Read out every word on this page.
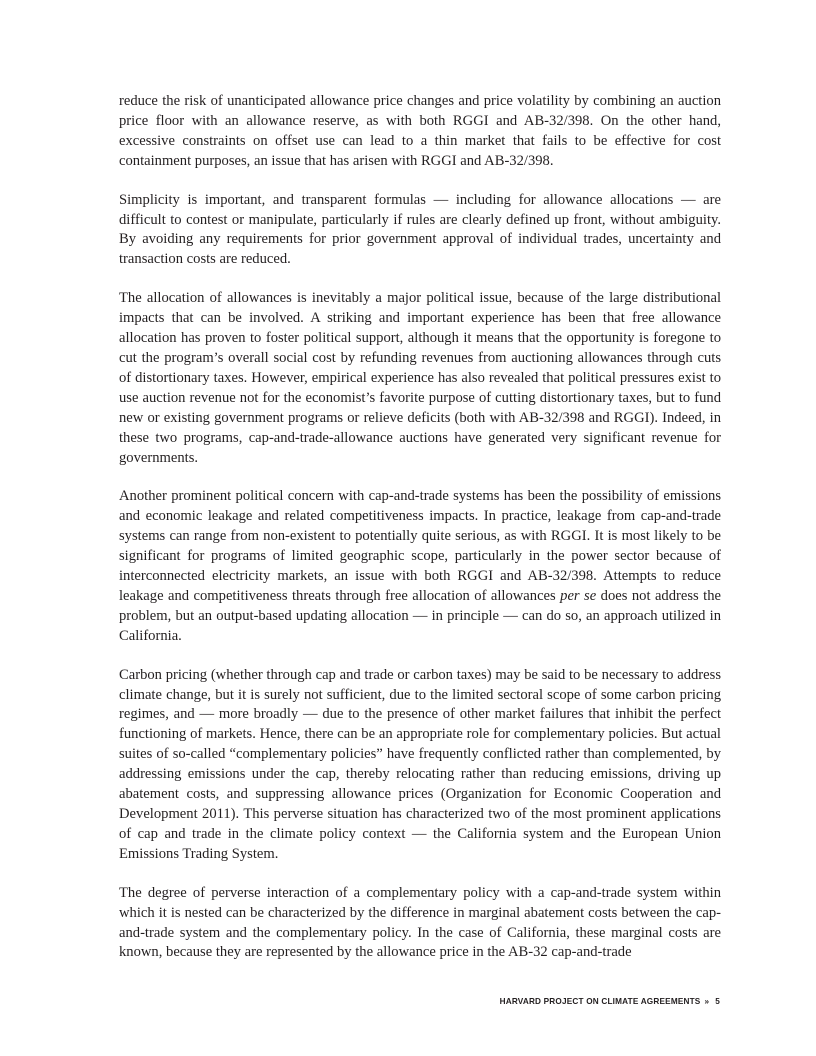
reduce the risk of unanticipated allowance price changes and price volatility by combining an auction price floor with an allowance reserve, as with both RGGI and AB-32/398. On the other hand, excessive constraints on offset use can lead to a thin market that fails to be effective for cost containment purposes, an issue that has arisen with RGGI and AB-32/398.

Simplicity is important, and transparent formulas — including for allowance allocations — are difficult to contest or manipulate, particularly if rules are clearly defined up front, without ambiguity. By avoiding any requirements for prior government approval of individual trades, uncertainty and transaction costs are reduced.

The allocation of allowances is inevitably a major political issue, because of the large distributional impacts that can be involved. A striking and important experience has been that free allowance allocation has proven to foster political support, although it means that the opportunity is foregone to cut the program’s overall social cost by refunding revenues from auctioning allowances through cuts of distortionary taxes. However, empirical experience has also revealed that political pressures exist to use auction revenue not for the economist’s favorite purpose of cutting distortionary taxes, but to fund new or existing government programs or relieve deficits (both with AB-32/398 and RGGI). Indeed, in these two programs, cap-and-trade-allowance auctions have generated very significant revenue for governments.

Another prominent political concern with cap-and-trade systems has been the possibility of emissions and economic leakage and related competitiveness impacts. In practice, leakage from cap-and-trade systems can range from non-existent to potentially quite serious, as with RGGI. It is most likely to be significant for programs of limited geographic scope, particularly in the power sector because of interconnected electricity markets, an issue with both RGGI and AB-32/398. Attempts to reduce leakage and competitiveness threats through free allocation of allowances per se does not address the problem, but an output-based updating allocation — in principle — can do so, an approach utilized in California.

Carbon pricing (whether through cap and trade or carbon taxes) may be said to be necessary to address climate change, but it is surely not sufficient, due to the limited sectoral scope of some carbon pricing regimes, and — more broadly — due to the presence of other market failures that inhibit the perfect functioning of markets. Hence, there can be an appropriate role for complementary policies. But actual suites of so-called “complementary policies” have frequently conflicted rather than complemented, by addressing emissions under the cap, thereby relocating rather than reducing emissions, driving up abatement costs, and suppressing allowance prices (Organization for Economic Cooperation and Development 2011). This perverse situation has characterized two of the most prominent applications of cap and trade in the climate policy context — the California system and the European Union Emissions Trading System.

The degree of perverse interaction of a complementary policy with a cap-and-trade system within which it is nested can be characterized by the difference in marginal abatement costs between the cap-and-trade system and the complementary policy. In the case of California, these marginal costs are known, because they are represented by the allowance price in the AB-32 cap-and-trade

HARVARD PROJECT ON CLIMATE AGREEMENTS » 5
